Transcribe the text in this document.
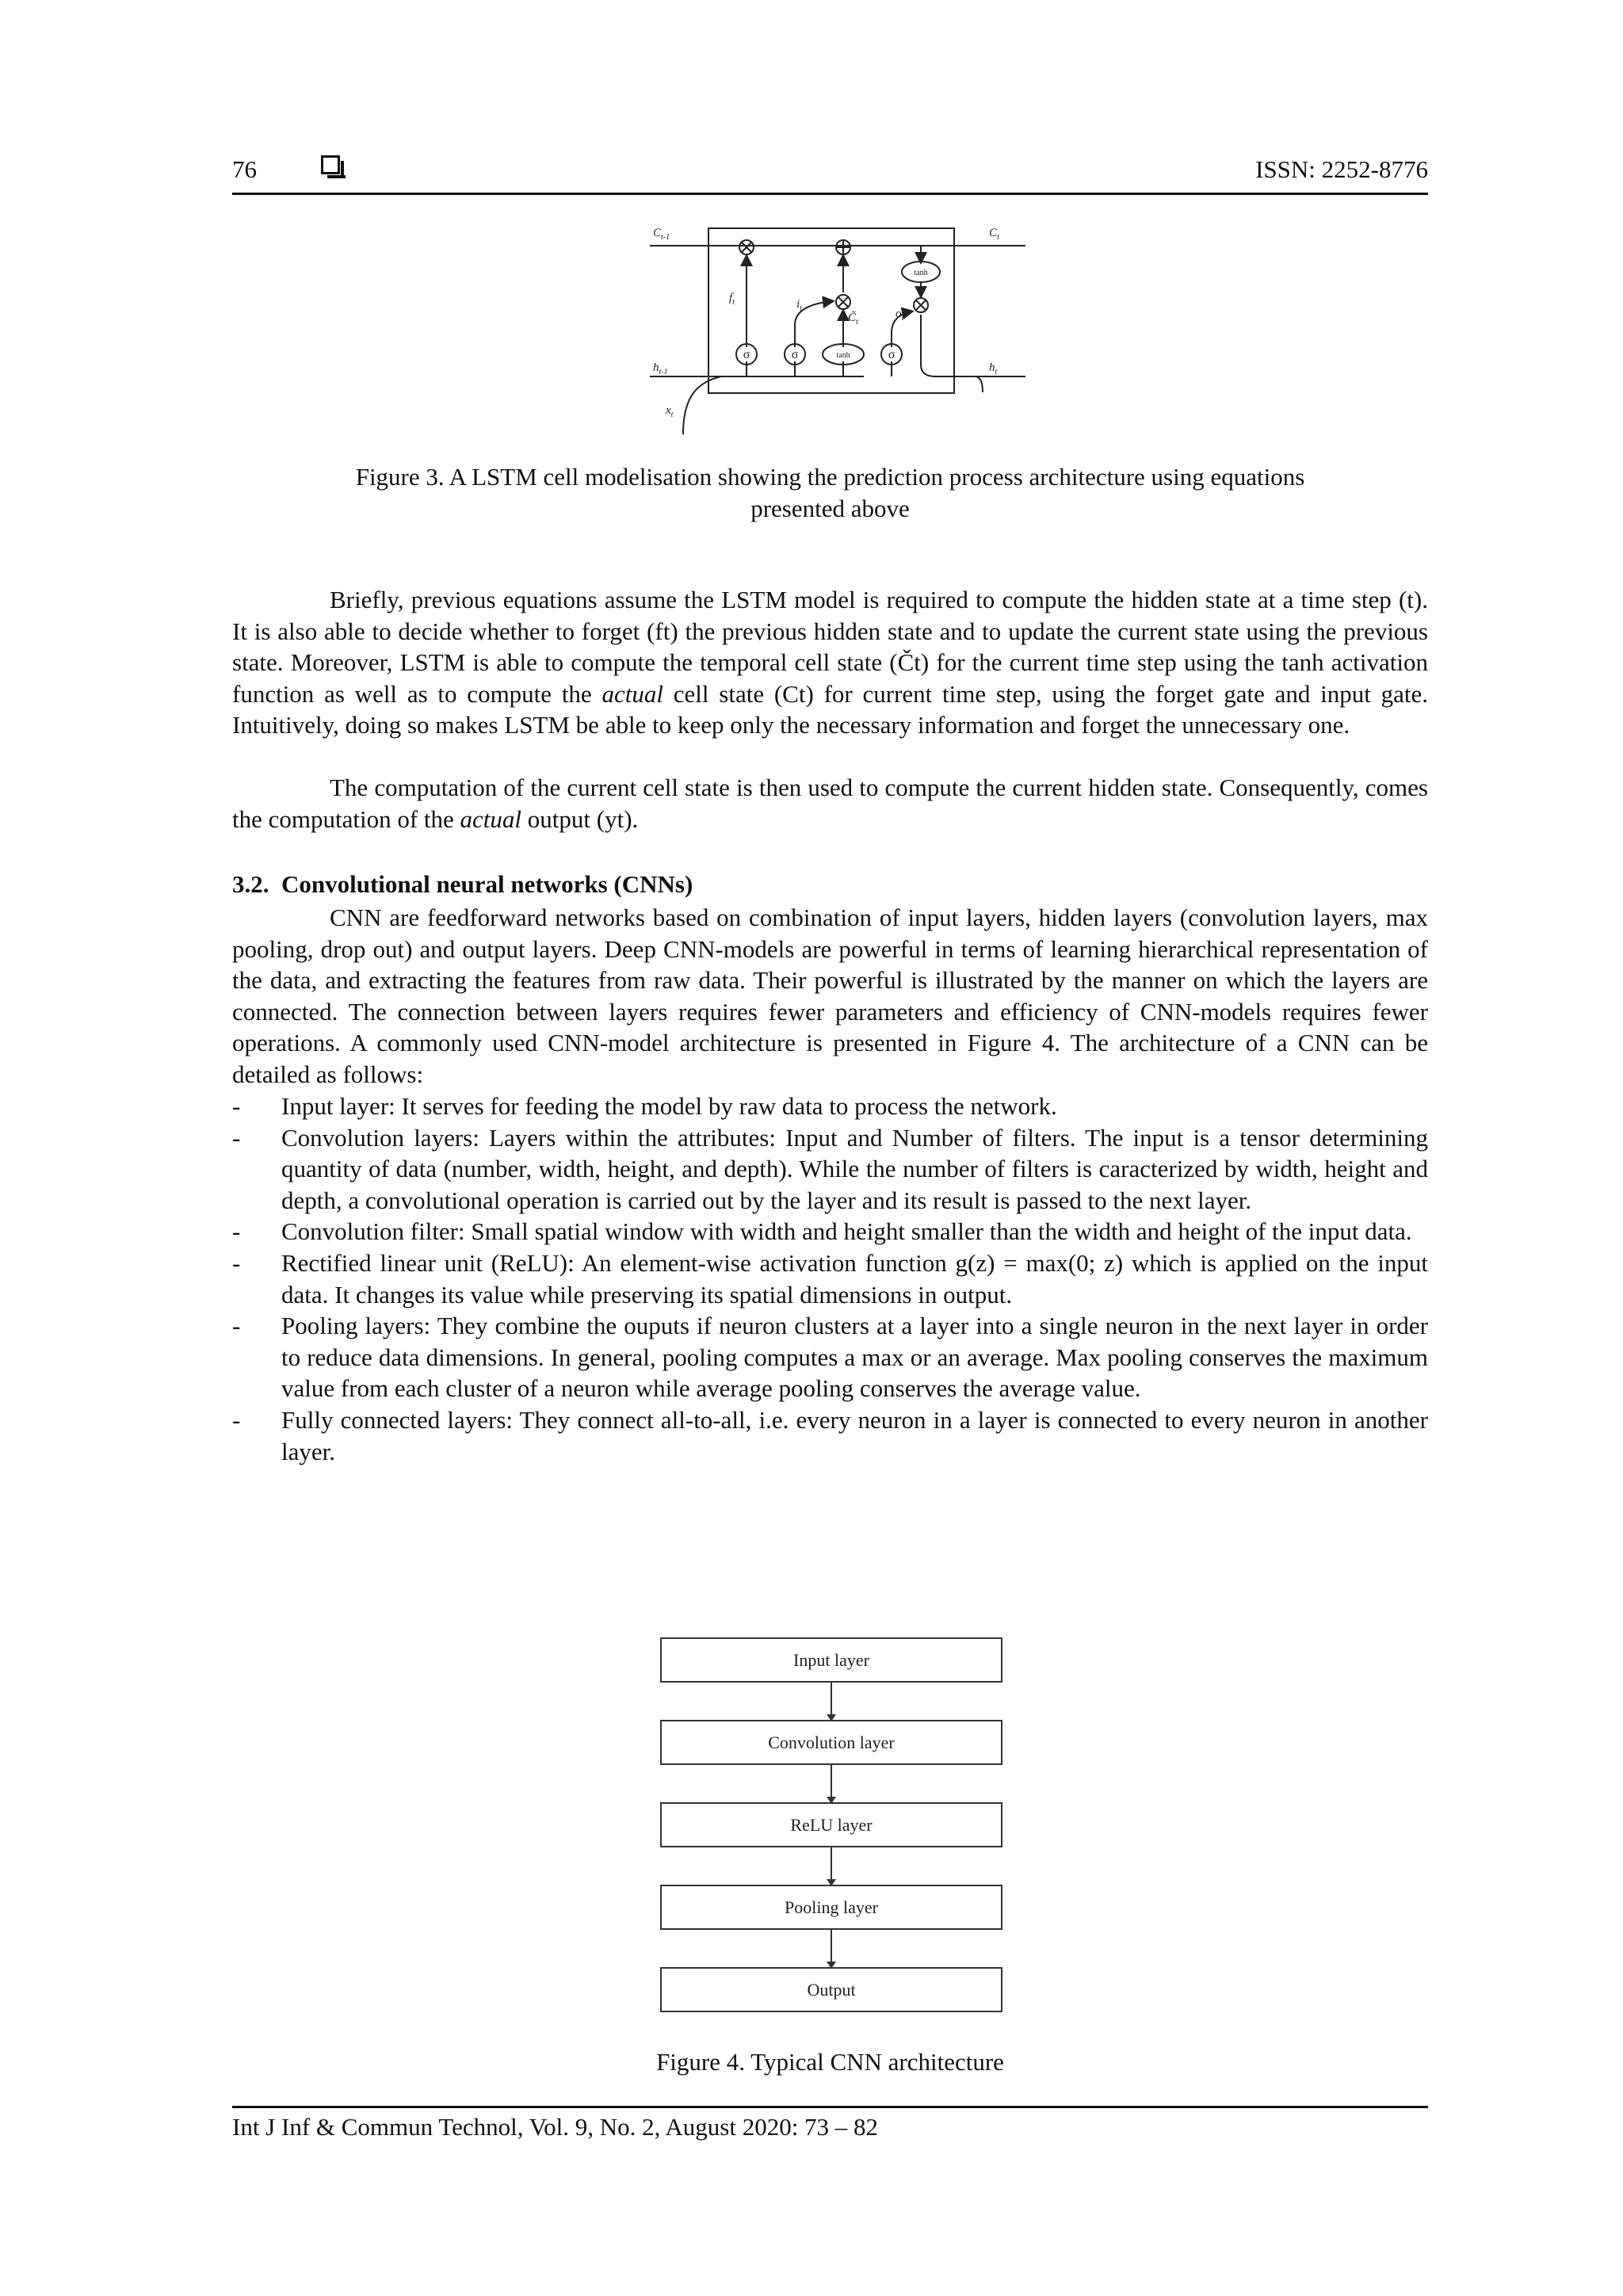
76	ISSN: 2252-8776
$C_{t-1}$	$C_t$
$h_{t-1}$	$h_t$
$x_t$
$f_t$	$i_t$
$C̃_t$
$o_t$
tanh
tanh
σ	σ	σ
Figure 3. A LSTM cell modelisation showing the prediction process architecture using equations
presented above
Briefly, previous equations assume the LSTM model is required to compute the hidden state at a time step (t). It is also able to decide whether to forget (ft) the previous hidden state and to update the current state using the previous state. Moreover, LSTM is able to compute the temporal cell state (Čt) for the current time step using the tanh activation function as well as to compute the actual cell state (Ct) for current time step, using the forget gate and input gate. Intuitively, doing so makes LSTM be able to keep only the necessary information and forget the unnecessary one.
The computation of the current cell state is then used to compute the current hidden state. Consequently, comes the computation of the actual output (yt).
3.2. Convolutional neural networks (CNNs)
CNN are feedforward networks based on combination of input layers, hidden layers (convolution layers, max pooling, drop out) and output layers. Deep CNN-models are powerful in terms of learning hierarchical representation of the data, and extracting the features from raw data. Their powerful is illustrated by the manner on which the layers are connected. The connection between layers requires fewer parameters and efficiency of CNN-models requires fewer operations. A commonly used CNN-model architecture is presented in Figure 4. The architecture of a CNN can be detailed as follows:
-	Input layer: It serves for feeding the model by raw data to process the network.
-	Convolution layers: Layers within the attributes: Input and Number of filters. The input is a tensor determining quantity of data (number, width, height, and depth). While the number of filters is caracterized by width, height and depth, a convolutional operation is carried out by the layer and its result is passed to the next layer.
-	Convolution filter: Small spatial window with width and height smaller than the width and height of the input data.
-	Rectified linear unit (ReLU): An element-wise activation function g(z) = max(0; z) which is applied on the input data. It changes its value while preserving its spatial dimensions in output.
-	Pooling layers: They combine the ouputs if neuron clusters at a layer into a single neuron in the next layer in order to reduce data dimensions. In general, pooling computes a max or an average. Max pooling conserves the maximum value from each cluster of a neuron while average pooling conserves the average value.
-	Fully connected layers: They connect all-to-all, i.e. every neuron in a layer is connected to every neuron in another layer.
Input layer
Convolution layer
ReLU layer
Pooling layer
Output
Figure 4. Typical CNN architecture
Int J Inf & Commun Technol, Vol. 9, No. 2, August 2020: 73 – 82
